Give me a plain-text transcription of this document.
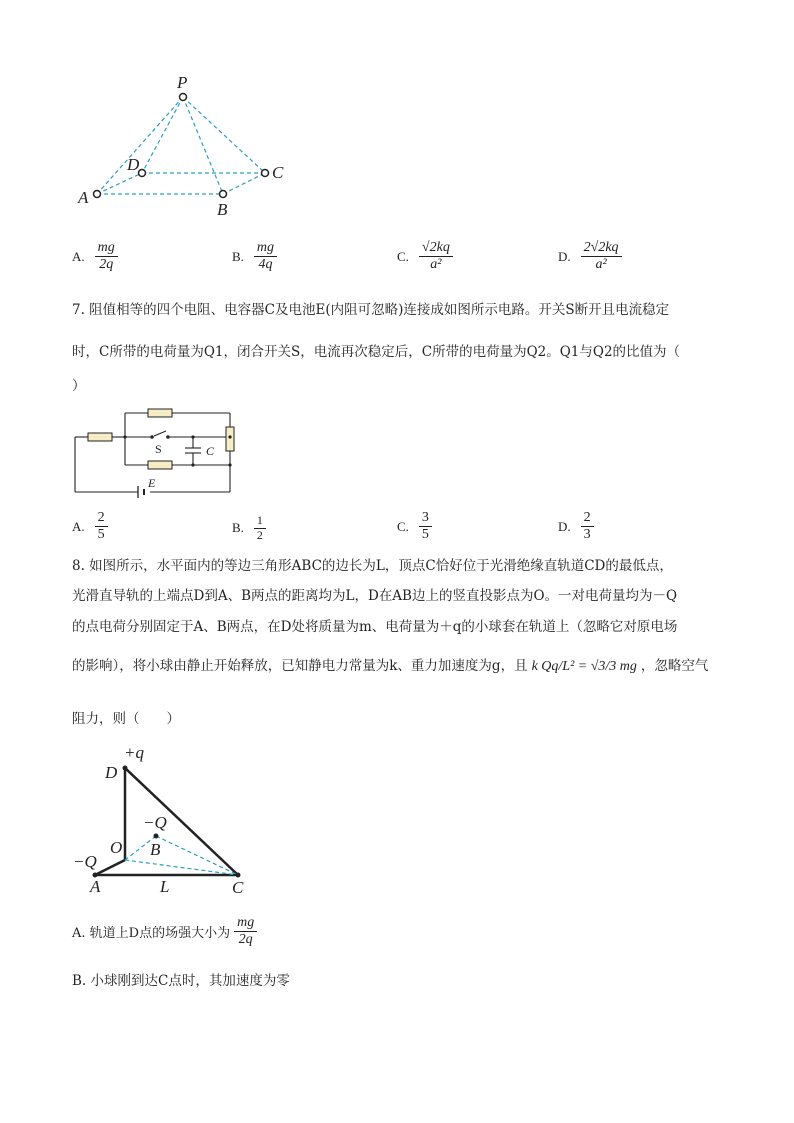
P
D	C
A
B
A. $\frac{mg}{2q}$	B. $\frac{mg}{4q}$	C. $\frac{√2kq}{\text{a²}}$	D. $\frac{2√2kq}{\text{a²}}$
7. 阻值相等的四个电阻、电容器C及电池E(内阻可忽略)连接成如图所示电路。开关S断开且电流稳定
时，C所带的电荷量为Q1，闭合开关S，电流再次稳定后，C所带的电荷量为Q2。Q1与Q2的比值为（
）
S	C
E
A. $\frac{2}{5}$	B. $\frac{1}{2}$	C. $\frac{3}{5}$	D. $\frac{2}{3}$
8. 如图所示，水平面内的等边三角形ABC的边长为L，顶点C恰好位于光滑绝缘直轨道CD的最低点，
光滑直导轨的上端点D到A、B两点的距离均为L，D在AB边上的竖直投影点为O。一对电荷量均为－Q
的点电荷分别固定于A、B两点，在D处将质量为m、电荷量为＋q的小球套在轨道上（忽略它对原电场
的影响），将小球由静止开始释放，已知静电力常量为k、重力加速度为g，且 k Qq/L² = √3/3 mg ，忽略空气
阻力，则（　　）
+q
D
−Q
O B
−Q
A	L	C
A. 轨道上D点的场强大小为 $\frac{mg}{2q}$
B. 小球刚到达C点时，其加速度为零
